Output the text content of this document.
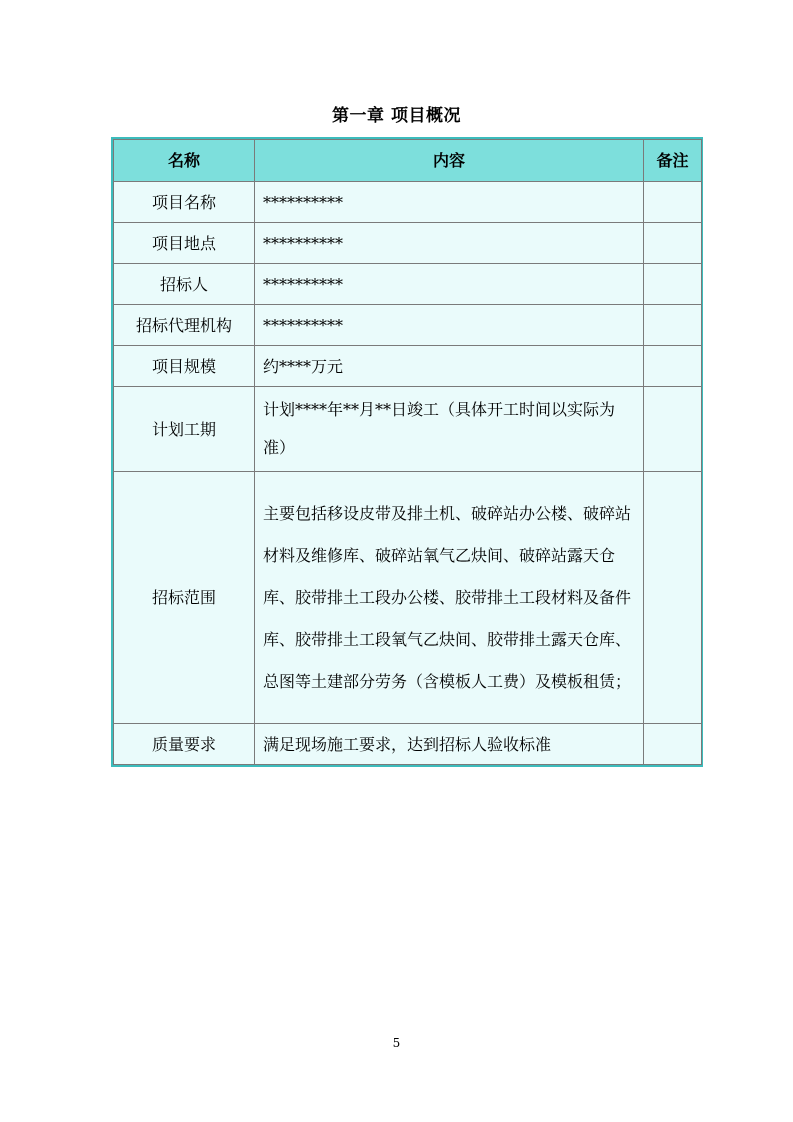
第一章 项目概况
名称	内容	备注
项目名称	**********	
项目地点	**********	
招标人	**********	
招标代理机构	**********	
项目规模	约****万元	
计划工期	计划****年**月**日竣工（具体开工时间以实际为准）	
招标范围	主要包括移设皮带及排土机、破碎站办公楼、破碎站材料及维修库、破碎站氧气乙炔间、破碎站露天仓库、胶带排土工段办公楼、胶带排土工段材料及备件库、胶带排土工段氧气乙炔间、胶带排土露天仓库、总图等土建部分劳务（含模板人工费）及模板租赁；	
质量要求	满足现场施工要求，达到招标人验收标准	
5
